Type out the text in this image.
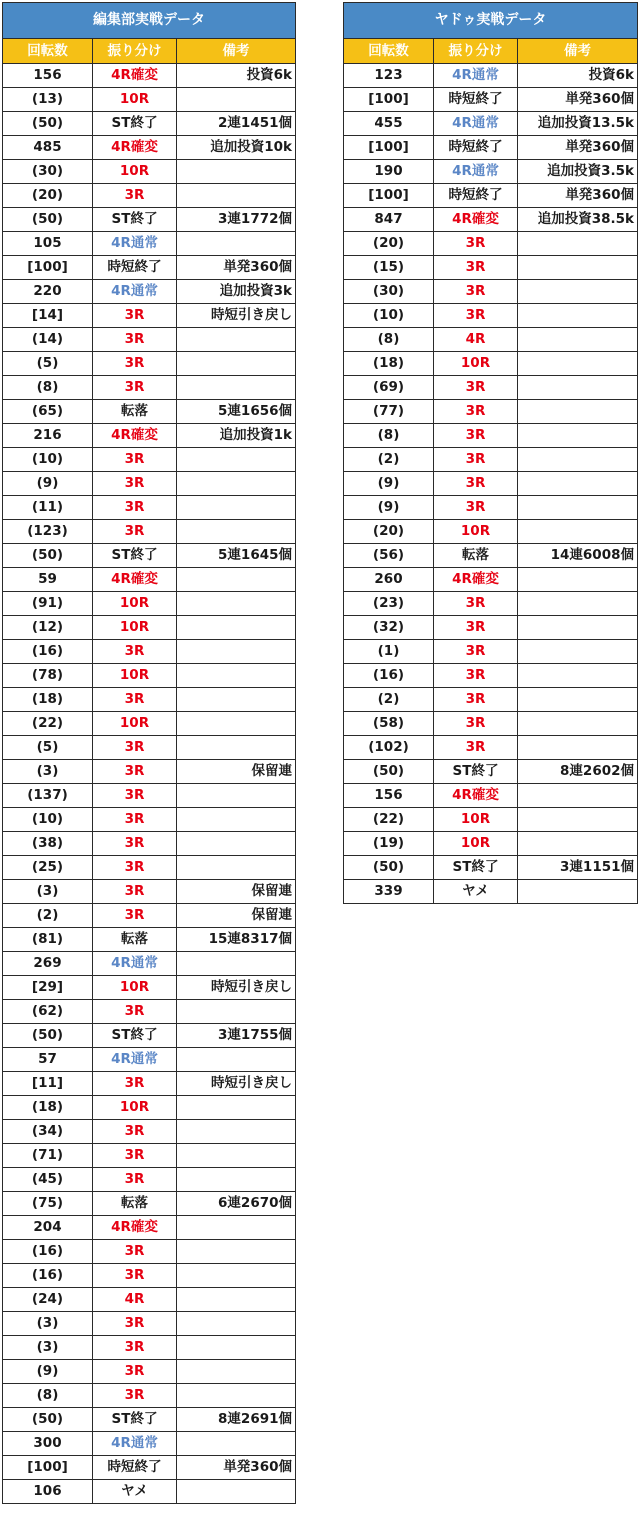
編集部実戦データ		
回転数	振り分け	備考
156	4R確変	投資6k
(13)	10R	
(50)	ST終了	2連1451個
485	4R確変	追加投資10k
(30)	10R	
(20)	3R	
(50)	ST終了	3連1772個
105	4R通常	
[100]	時短終了	単発360個
220	4R通常	追加投資3k
[14]	3R	時短引き戻し
(14)	3R	
(5)	3R	
(8)	3R	
(65)	転落	5連1656個
216	4R確変	追加投資1k
(10)	3R	
(9)	3R	
(11)	3R	
(123)	3R	
(50)	ST終了	5連1645個
59	4R確変	
(91)	10R	
(12)	10R	
(16)	3R	
(78)	10R	
(18)	3R	
(22)	10R	
(5)	3R	
(3)	3R	保留連
(137)	3R	
(10)	3R	
(38)	3R	
(25)	3R	
(3)	3R	保留連
(2)	3R	保留連
(81)	転落	15連8317個
269	4R通常	
[29]	10R	時短引き戻し
(62)	3R	
(50)	ST終了	3連1755個
57	4R通常	
[11]	3R	時短引き戻し
(18)	10R	
(34)	3R	
(71)	3R	
(45)	3R	
(75)	転落	6連2670個
204	4R確変	
(16)	3R	
(16)	3R	
(24)	4R	
(3)	3R	
(3)	3R	
(9)	3R	
(8)	3R	
(50)	ST終了	8連2691個
300	4R通常	
[100]	時短終了	単発360個
106	ヤメ	
ヤドゥ実戦データ		
回転数	振り分け	備考
123	4R通常	投資6k
[100]	時短終了	単発360個
455	4R通常	追加投資13.5k
[100]	時短終了	単発360個
190	4R通常	追加投資3.5k
[100]	時短終了	単発360個
847	4R確変	追加投資38.5k
(20)	3R	
(15)	3R	
(30)	3R	
(10)	3R	
(8)	4R	
(18)	10R	
(69)	3R	
(77)	3R	
(8)	3R	
(2)	3R	
(9)	3R	
(9)	3R	
(20)	10R	
(56)	転落	14連6008個
260	4R確変	
(23)	3R	
(32)	3R	
(1)	3R	
(16)	3R	
(2)	3R	
(58)	3R	
(102)	3R	
(50)	ST終了	8連2602個
156	4R確変	
(22)	10R	
(19)	10R	
(50)	ST終了	3連1151個
339	ヤメ	
